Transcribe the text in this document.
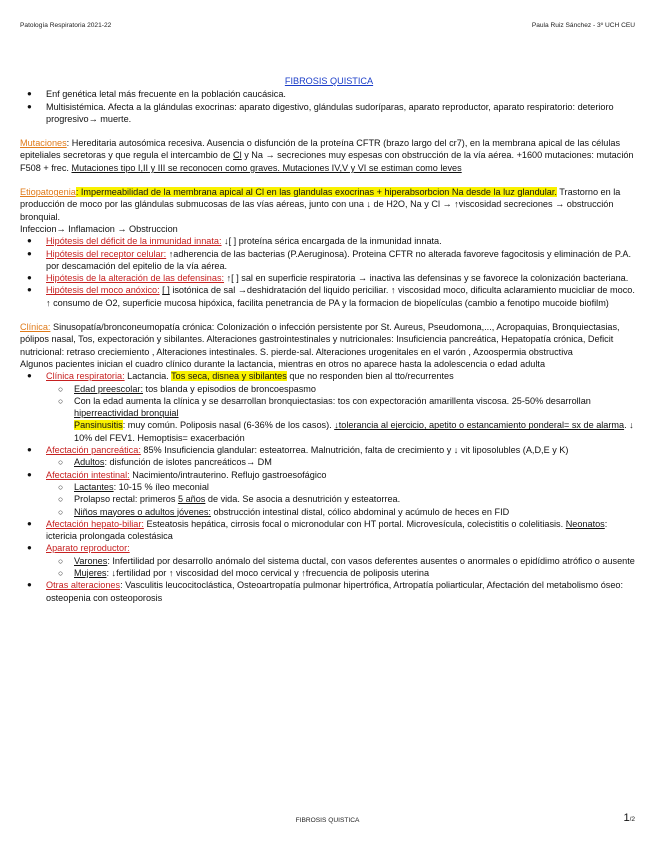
Patología Respiratoria 2021-22	Paula Ruiz Sánchez - 3º UCH CEU
FIBROSIS QUISTICA
● Enf genética letal más frecuente en la población caucásica.
● Multisistémica. Afecta a la glándulas exocrinas: aparato digestivo, glándulas sudoríparas, aparato reproductor, aparato respiratorio: deterioro progresivo→ muerte.

Mutaciones: Hereditaria autosómica recesiva. Ausencia o disfunción de la proteína CFTR (brazo largo del cr7), en la membrana apical de las células epiteliales secretoras y que regula el intercambio de Cl y Na → secreciones muy espesas con obstrucción de la vía aérea. +1600 mutaciones: mutación F508 + frec. Mutaciones tipo I,II y III se reconocen como graves. Mutaciones IV,V y VI se estiman como leves

Etiopatogenia: Impermeabilidad de la membrana apical al Cl en las glandulas exocrinas + hiperabsorbcion Na desde la luz glandular. Trastorno en la producción de moco por las glándulas submucosas de las vías aéreas, junto con una ↓ de H2O, Na y Cl → ↑viscosidad secreciones → obstrucción bronquial.

Infeccion→ Inflamacion → Obstruccion

● Hipótesis del déficit de la inmunidad innata: ↓[ ] proteína sérica encargada de la inmunidad innata.
● Hipótesis del receptor celular: ↑adherencia de las bacterias (P.Aeruginosa). Proteina CFTR no alterada favoreve fagocitosis y eliminación de P.A. por descamación del epitelio de la vía aérea.
● Hipótesis de la alteración de las defensinas: ↑[ ] sal en superficie respiratoria → inactiva las defensinas y se favorece la colonización bacteriana.
● Hipótesis del moco anóxico: [ ] isotónica de sal →deshidratación del liquido periciliar. ↑ viscosidad moco, dificulta aclaramiento mucicliar de moco. ↑ consumo de O2, superficie mucosa hipóxica, facilita penetrancia de PA y la formacion de biopelículas (cambio a fenotipo mucoide biofilm)

Clínica: Sinusopatía/bronconeumopatía crónica: Colonización o infección persistente por St. Aureus, Pseudomona,..., Acropaquias, Bronquiectasias, pólipos nasal, Tos, expectoración y sibilantes. Alteraciones gastrointestinales y nutricionales: Insuficiencia pancreática, Hepatopatía crónica, Deficit nutricional: retraso creciemiento , Alteraciones intestinales. S. pierde-sal. Alteraciones urogenitales en el varón , Azoospermia obstructiva

Algunos pacientes inician el cuadro clínico durante la lactancia, mientras en otros no aparece hasta la adolescencia o edad adulta

● Clínica respiratoria: Lactancia. Tos seca, disnea y sibilantes que no responden bien al tto/recurrentes
○ Edad preescolar: tos blanda y episodios de broncoespasmo
○ Con la edad aumenta la clínica y se desarrollan bronquiectasias: tos con expectoración amarillenta viscosa. 25-50% desarrollan hiperreactividad bronquial

Pansinusitis: muy común. Poliposis nasal (6-36% de los casos). ↓tolerancia al ejercicio, apetito o estancamiento ponderal= sx de alarma. ↓ 10% del FEV1. Hemoptisis= exacerbación

● Afectación pancreática: 85% Insuficiencia glandular: esteatorrea. Malnutrición, falta de crecimiento y ↓ vit liposolubles (A,D,E y K)
○ Adultos: disfunción de islotes pancreáticos→ DM
● Afectación intestinal: Nacimiento/intrauterino. Reflujo gastroesofágico
○ Lactantes: 10-15 % íleo meconial
○ Prolapso rectal: primeros 5 años de vida. Se asocia a desnutrición y esteatorrea.
○ Niños mayores o adultos jóvenes: obstrucción intestinal distal, cólico abdominal y acúmulo de heces en FID
● Afectación hepato-biliar: Esteatosis hepática, cirrosis focal o micronodular con HT portal. Microvesícula, colecistitis o colelitiasis. Neonatos: ictericia prolongada colestásica
● Aparato reproductor:
○ Varones: Infertilidad por desarrollo anómalo del sistema ductal, con vasos deferentes ausentes o anormales o epidídimo atrófico o ausente
○ Mujeres: ↓fertilidad por ↑ viscosidad del moco cervical y ↑frecuencia de poliposis uterina
● Otras alteraciones: Vasculitis leucocitoclástica, Osteoartropatía pulmonar hipertrófica, Artropatía poliarticular, Afectación del metabolismo óseo: osteopenia con osteoporosis
FIBROSIS QUISTICA	1/2
